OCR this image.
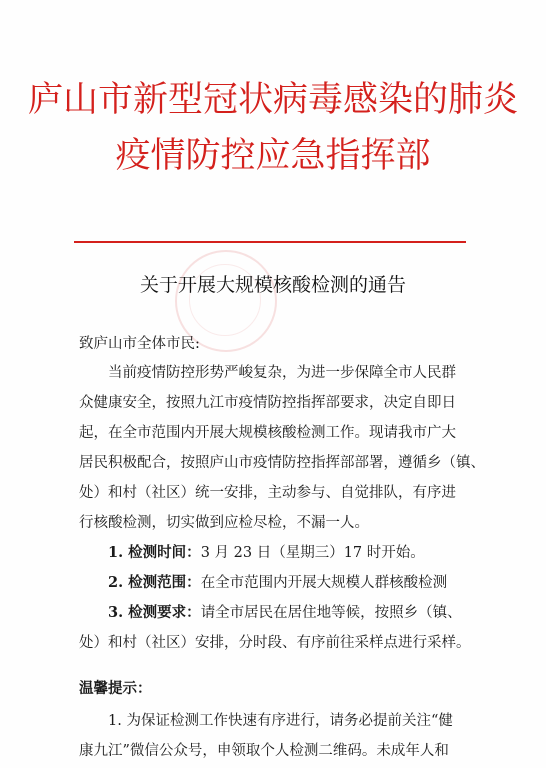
庐山市新型冠状病毒感染的肺炎
疫情防控应急指挥部
关于开展大规模核酸检测的通告
致庐山市全体市民:
当前疫情防控形势严峻复杂，为进一步保障全市人民群
众健康安全，按照九江市疫情防控指挥部要求，决定自即日
起，在全市范围内开展大规模核酸检测工作。现请我市广大
居民积极配合，按照庐山市疫情防控指挥部部署，遵循乡（镇、
处）和村（社区）统一安排，主动参与、自觉排队，有序进
行核酸检测，切实做到应检尽检，不漏一人。
1. 检测时间：3 月 23 日（星期三）17 时开始。
2. 检测范围：在全市范围内开展大规模人群核酸检测
3. 检测要求：请全市居民在居住地等候，按照乡（镇、
处）和村（社区）安排，分时段、有序前往采样点进行采样。
温馨提示：
1. 为保证检测工作快速有序进行，请务必提前关注“健
康九江”微信公众号，申领取个人检测二维码。未成年人和
